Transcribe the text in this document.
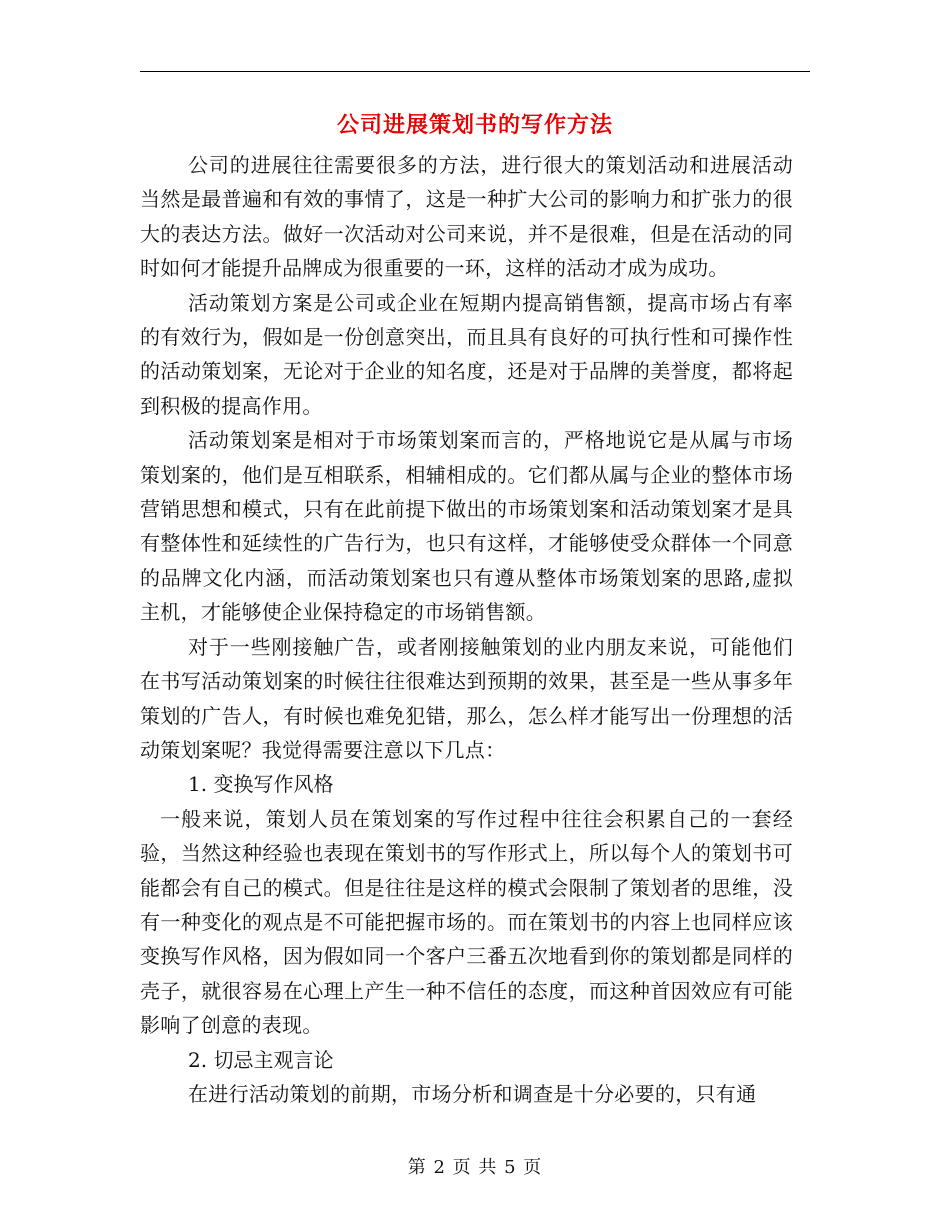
公司进展策划书的写作方法

公司的进展往往需要很多的方法，进行很大的策划活动和进展活动当然是最普遍和有效的事情了，这是一种扩大公司的影响力和扩张力的很大的表达方法。做好一次活动对公司来说，并不是很难，但是在活动的同时如何才能提升品牌成为很重要的一环，这样的活动才成为成功。

活动策划方案是公司或企业在短期内提高销售额，提高市场占有率的有效行为，假如是一份创意突出，而且具有良好的可执行性和可操作性的活动策划案，无论对于企业的知名度，还是对于品牌的美誉度，都将起到积极的提高作用。

活动策划案是相对于市场策划案而言的，严格地说它是从属与市场策划案的，他们是互相联系，相辅相成的。它们都从属与企业的整体市场营销思想和模式，只有在此前提下做出的市场策划案和活动策划案才是具有整体性和延续性的广告行为，也只有这样，才能够使受众群体一个同意的品牌文化内涵，而活动策划案也只有遵从整体市场策划案的思路,虚拟主机，才能够使企业保持稳定的市场销售额。

对于一些刚接触广告，或者刚接触策划的业内朋友来说，可能他们在书写活动策划案的时候往往很难达到预期的效果，甚至是一些从事多年策划的广告人，有时候也难免犯错，那么，怎么样才能写出一份理想的活动策划案呢？我觉得需要注意以下几点：

1. 变换写作风格

一般来说，策划人员在策划案的写作过程中往往会积累自己的一套经验，当然这种经验也表现在策划书的写作形式上，所以每个人的策划书可能都会有自己的模式。但是往往是这样的模式会限制了策划者的思维，没有一种变化的观点是不可能把握市场的。而在策划书的内容上也同样应该变换写作风格，因为假如同一个客户三番五次地看到你的策划都是同样的壳子，就很容易在心理上产生一种不信任的态度，而这种首因效应有可能影响了创意的表现。

2. 切忌主观言论

在进行活动策划的前期，市场分析和调查是十分必要的，只有通

第 2 页 共 5 页
